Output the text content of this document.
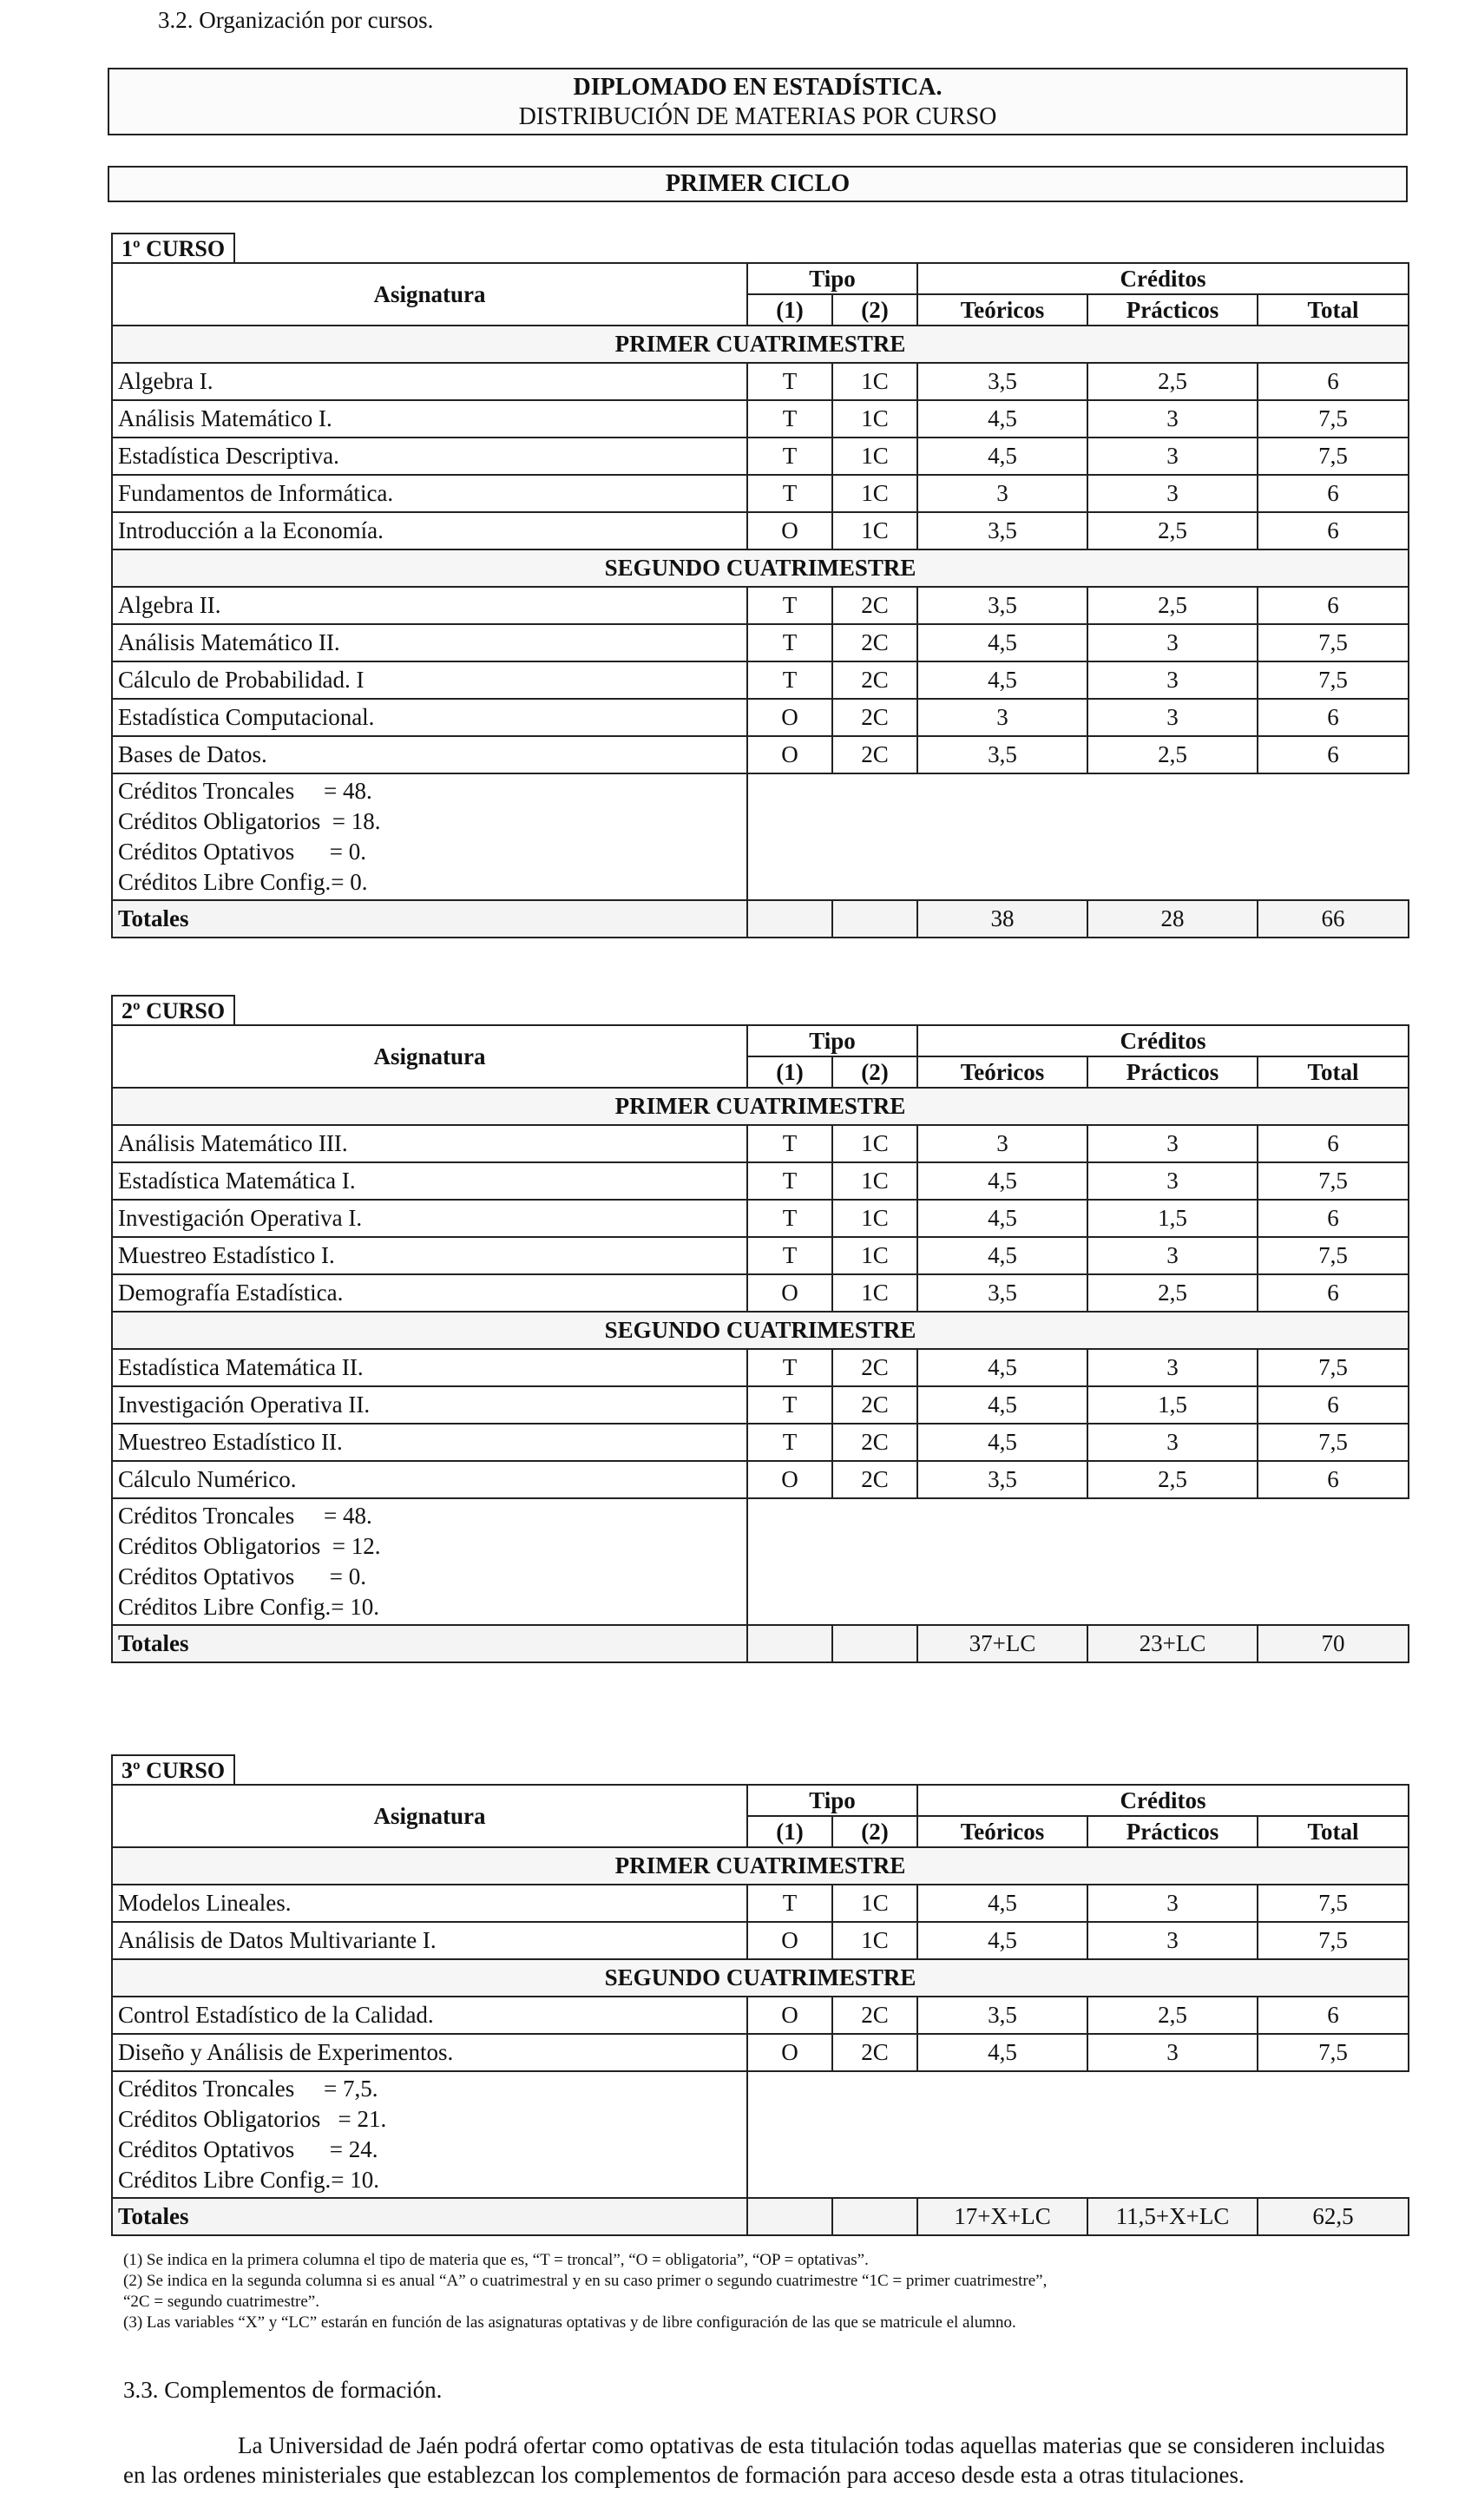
3.2. Organización por cursos.
DIPLOMADO EN ESTADÍSTICA.
DISTRIBUCIÓN DE MATERIAS POR CURSO
PRIMER CICLO
1º CURSO
Asignatura	Tipo		Créditos		
	(1)	(2)	Teóricos	Prácticos	Total
PRIMER CUATRIMESTRE					
Algebra I.	T	1C	3,5	2,5	6
Análisis Matemático I.	T	1C	4,5	3	7,5
Estadística Descriptiva.	T	1C	4,5	3	7,5
Fundamentos de Informática.	T	1C	3	3	6
Introducción a la Economía.	O	1C	3,5	2,5	6
SEGUNDO CUATRIMESTRE					
Algebra II.	T	2C	3,5	2,5	6
Análisis Matemático II.	T	2C	4,5	3	7,5
Cálculo de Probabilidad. I	T	2C	4,5	3	7,5
Estadística Computacional.	O	2C	3	3	6
Bases de Datos.	O	2C	3,5	2,5	6

Créditos Troncales     = 48.
Créditos Obligatorios  = 18.
Créditos Optativos      = 0.
Créditos Libre Config.= 0.					

Totales			38	28	66
2º CURSO
Asignatura	Tipo		Créditos		
	(1)	(2)	Teóricos	Prácticos	Total
PRIMER CUATRIMESTRE					
Análisis Matemático III.	T	1C	3	3	6
Estadística Matemática I.	T	1C	4,5	3	7,5
Investigación Operativa I.	T	1C	4,5	1,5	6
Muestreo Estadístico I.	T	1C	4,5	3	7,5
Demografía Estadística.	O	1C	3,5	2,5	6
SEGUNDO CUATRIMESTRE					
Estadística Matemática II.	T	2C	4,5	3	7,5
Investigación Operativa II.	T	2C	4,5	1,5	6
Muestreo Estadístico II.	T	2C	4,5	3	7,5
Cálculo Numérico.	O	2C	3,5	2,5	6

Créditos Troncales     = 48.
Créditos Obligatorios  = 12.
Créditos Optativos      = 0.
Créditos Libre Config.= 10.					

Totales			37+LC	23+LC	70
3º CURSO
Asignatura	Tipo		Créditos		
	(1)	(2)	Teóricos	Prácticos	Total
PRIMER CUATRIMESTRE					
Modelos Lineales.	T	1C	4,5	3	7,5
Análisis de Datos Multivariante I.	O	1C	4,5	3	7,5
SEGUNDO CUATRIMESTRE					
Control Estadístico de la Calidad.	O	2C	3,5	2,5	6
Diseño y Análisis de Experimentos.	O	2C	4,5	3	7,5

Créditos Troncales     = 7,5.
Créditos Obligatorios   = 21.
Créditos Optativos      = 24.
Créditos Libre Config.= 10.					

Totales			17+X+LC	11,5+X+LC	62,5
(1) Se indica en la primera columna el tipo de materia que es, “T = troncal”, “O = obligatoria”, “OP = optativas”.
(2) Se indica en la segunda columna si es anual “A” o cuatrimestral y en su caso primer o segundo cuatrimestre “1C = primer cuatrimestre”,
“2C = segundo cuatrimestre”.
(3) Las variables “X” y “LC” estarán en función de las asignaturas optativas y de libre configuración de las que se matricule el alumno.
3.3. Complementos de formación.
La Universidad de Jaén podrá ofertar como optativas de esta titulación todas aquellas materias que se consideren incluidas en las ordenes ministeriales que establezcan los complementos de formación para acceso desde esta a otras titulaciones.
